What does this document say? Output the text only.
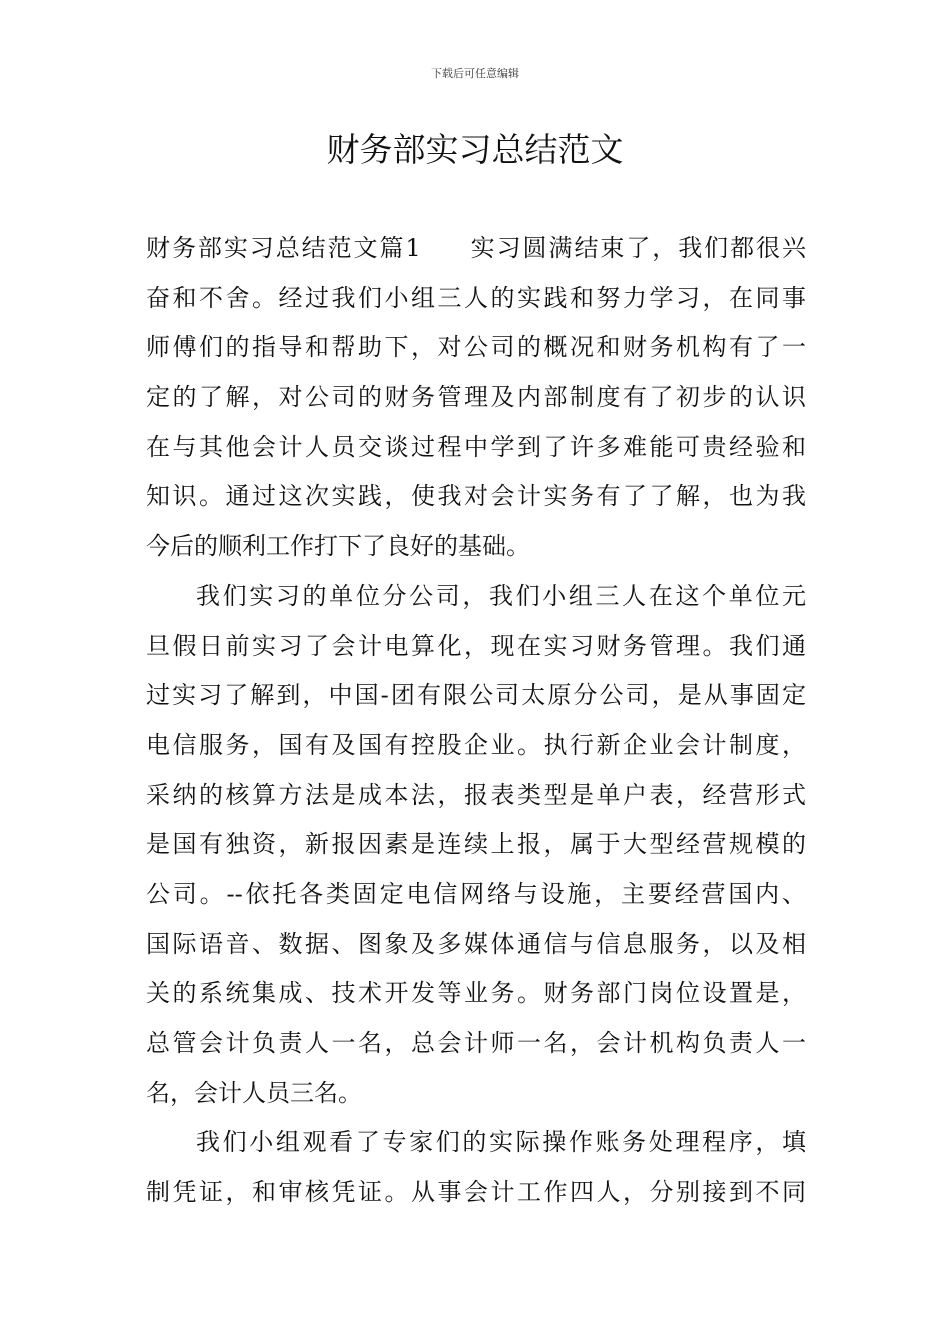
下载后可任意编辑
财务部实习总结范文
财务部实习总结范文篇1 实习圆满结束了，我们都很兴
奋和不舍。经过我们小组三人的实践和努力学习，在同事
师傅们的指导和帮助下，对公司的概况和财务机构有了一
定的了解，对公司的财务管理及内部制度有了初步的认识
在与其他会计人员交谈过程中学到了许多难能可贵经验和
知识。通过这次实践，使我对会计实务有了了解，也为我
今后的顺利工作打下了良好的基础。
我们实习的单位分公司，我们小组三人在这个单位元
旦假日前实习了会计电算化，现在实习财务管理。我们通
过实习了解到，中国-团有限公司太原分公司，是从事固定
电信服务，国有及国有控股企业。执行新企业会计制度，
采纳的核算方法是成本法，报表类型是单户表，经营形式
是国有独资，新报因素是连续上报，属于大型经营规模的
公司。--依托各类固定电信网络与设施，主要经营国内、
国际语音、数据、图象及多媒体通信与信息服务，以及相
关的系统集成、技术开发等业务。财务部门岗位设置是，
总管会计负责人一名，总会计师一名，会计机构负责人一
名，会计人员三名。
我们小组观看了专家们的实际操作账务处理程序，填
制凭证，和审核凭证。从事会计工作四人，分别接到不同
